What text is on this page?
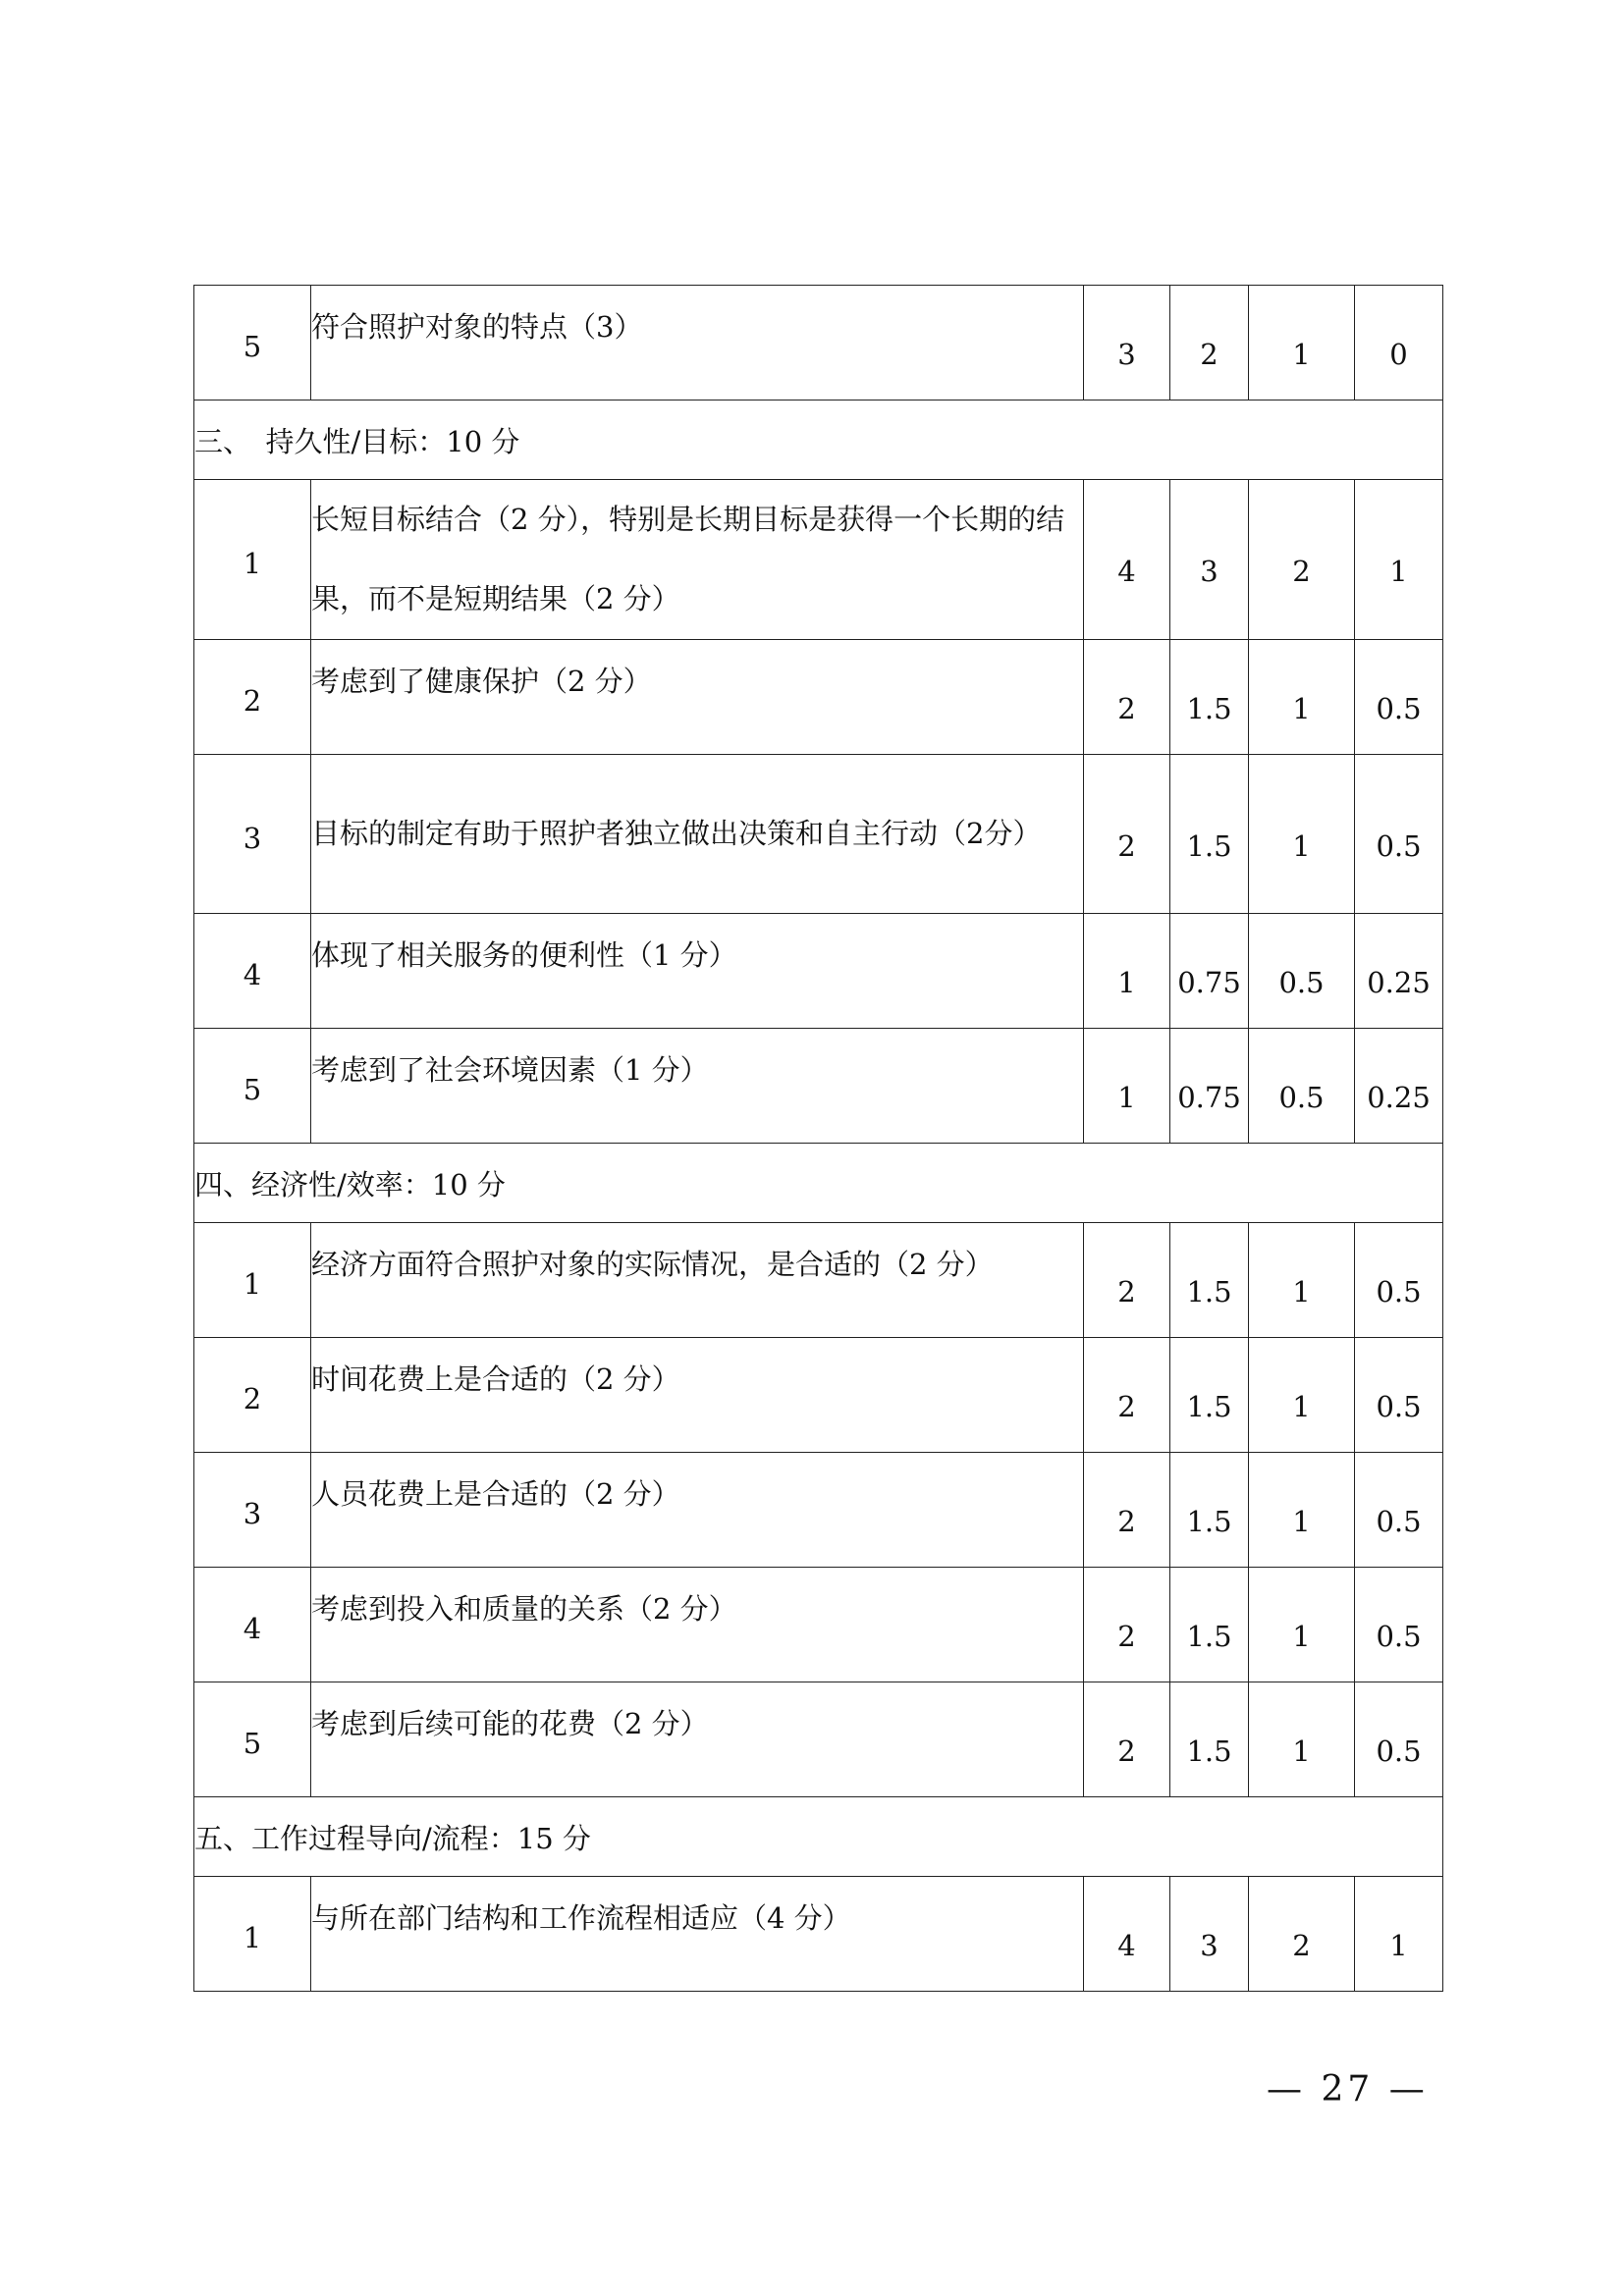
5	符合照护对象的特点（3）	3	2	1	0
三、　持久性/目标：10 分					
1	长短目标结合（2 分），特别是长期目标是获得一个长期的结果，而不是短期结果（2 分）	4	3	2	1
2	考虑到了健康保护（2 分）	2	1.5	1	0.5
3	目标的制定有助于照护者独立做出决策和自主行动（2分）	2	1.5	1	0.5
4	体现了相关服务的便利性（1 分）	1	0.75	0.5	0.25
5	考虑到了社会环境因素（1 分）	1	0.75	0.5	0.25
四、经济性/效率：10 分					
1	经济方面符合照护对象的实际情况，是合适的（2 分）	2	1.5	1	0.5
2	时间花费上是合适的（2 分）	2	1.5	1	0.5
3	人员花费上是合适的（2 分）	2	1.5	1	0.5
4	考虑到投入和质量的关系（2 分）	2	1.5	1	0.5
5	考虑到后续可能的花费（2 分）	2	1.5	1	0.5
五、工作过程导向/流程：15 分					
1	与所在部门结构和工作流程相适应（4 分）	4	3	2	1
— 27 —
